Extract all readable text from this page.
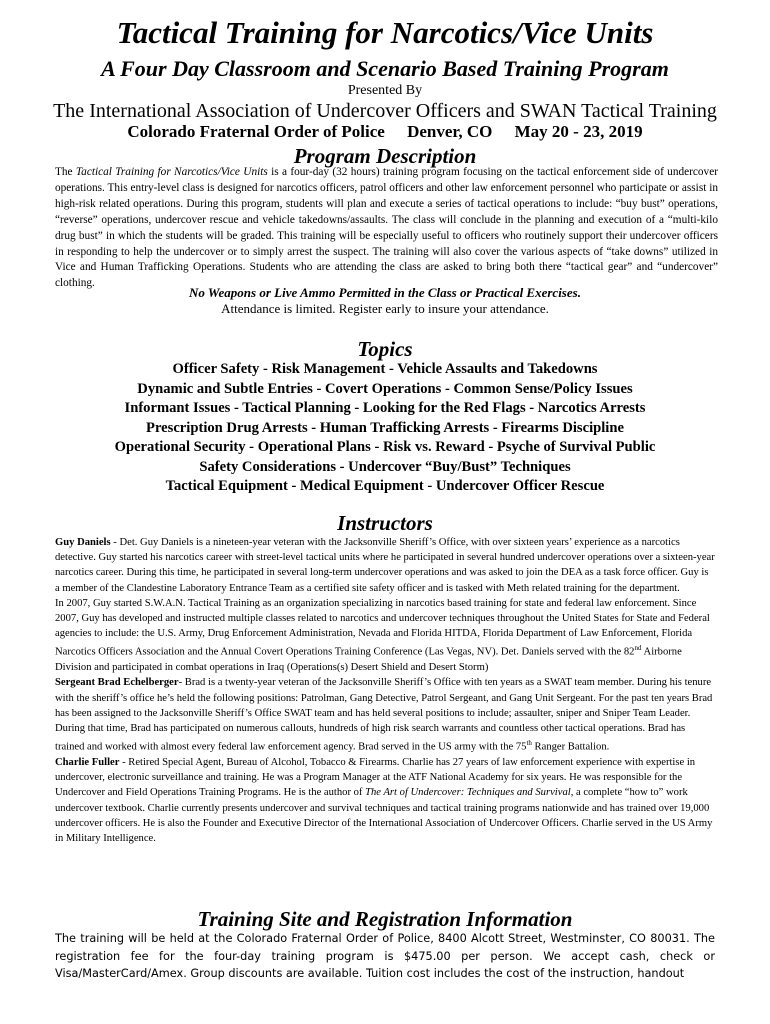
Tactical Training for Narcotics/Vice Units
A Four Day Classroom and Scenario Based Training Program
Presented By
The International Association of Undercover Officers and SWAN Tactical Training
Colorado Fraternal Order of Police Denver, CO May 20 - 23, 2019
Program Description
The Tactical Training for Narcotics/Vice Units is a four-day (32 hours) training program focusing on the tactical enforcement side of undercover operations. This entry-level class is designed for narcotics officers, patrol officers and other law enforcement personnel who participate or assist in high-risk related operations. During this program, students will plan and execute a series of tactical operations to include: “buy bust” operations, “reverse” operations, undercover rescue and vehicle takedowns/assaults. The class will conclude in the planning and execution of a “multi-kilo drug bust” in which the students will be graded. This training will be especially useful to officers who routinely support their undercover officers in responding to help the undercover or to simply arrest the suspect. The training will also cover the various aspects of “take downs” utilized in Vice and Human Trafficking Operations. Students who are attending the class are asked to bring both there “tactical gear” and “undercover” clothing.
No Weapons or Live Ammo Permitted in the Class or Practical Exercises.
Attendance is limited. Register early to insure your attendance.
Topics
Officer Safety - Risk Management - Vehicle Assaults and Takedowns
Dynamic and Subtle Entries - Covert Operations - Common Sense/Policy Issues
Informant Issues - Tactical Planning - Looking for the Red Flags - Narcotics Arrests
Prescription Drug Arrests - Human Trafficking Arrests - Firearms Discipline
Operational Security - Operational Plans - Risk vs. Reward - Psyche of Survival Public
Safety Considerations - Undercover “Buy/Bust” Techniques
Tactical Equipment - Medical Equipment - Undercover Officer Rescue
Instructors

Guy Daniels - Det. Guy Daniels is a nineteen-year veteran with the Jacksonville Sheriff’s Office, with over sixteen years’ experience as a narcotics detective. Guy started his narcotics career with street-level tactical units where he participated in several hundred undercover operations over a sixteen-year narcotics career. During this time, he participated in several long-term undercover operations and was asked to join the DEA as a task force officer. Guy is a member of the Clandestine Laboratory Entrance Team as a certified site safety officer and is tasked with Meth related training for the department.

In 2007, Guy started S.W.A.N. Tactical Training as an organization specializing in narcotics based training for state and federal law enforcement. Since 2007, Guy has developed and instructed multiple classes related to narcotics and undercover techniques throughout the United States for State and Federal agencies to include: the U.S. Army, Drug Enforcement Administration, Nevada and Florida HITDA, Florida Department of Law Enforcement, Florida Narcotics Officers Association and the Annual Covert Operations Training Conference (Las Vegas, NV). Det. Daniels served with the 82nd Airborne Division and participated in combat operations in Iraq (Operations(s) Desert Shield and Desert Storm)

Sergeant Brad Echelberger- Brad is a twenty-year veteran of the Jacksonville Sheriff’s Office with ten years as a SWAT team member. During his tenure with the sheriff’s office he’s held the following positions: Patrolman, Gang Detective, Patrol Sergeant, and Gang Unit Sergeant. For the past ten years Brad has been assigned to the Jacksonville Sheriff’s Office SWAT team and has held several positions to include; assaulter, sniper and Sniper Team Leader. During that time, Brad has participated on numerous callouts, hundreds of high risk search warrants and countless other tactical operations. Brad has trained and worked with almost every federal law enforcement agency. Brad served in the US army with the 75th Ranger Battalion.

Charlie Fuller - Retired Special Agent, Bureau of Alcohol, Tobacco & Firearms. Charlie has 27 years of law enforcement experience with expertise in undercover, electronic surveillance and training. He was a Program Manager at the ATF National Academy for six years. He was responsible for the Undercover and Field Operations Training Programs. He is the author of The Art of Undercover: Techniques and Survival, a complete “how to” work undercover textbook. Charlie currently presents undercover and survival techniques and tactical training programs nationwide and has trained over 19,000 undercover officers. He is also the Founder and Executive Director of the International Association of Undercover Officers. Charlie served in the US Army in Military Intelligence.

Training Site and Registration Information
The training will be held at the Colorado Fraternal Order of Police, 8400 Alcott Street, Westminster, CO 80031. The registration fee for the four-day training program is $475.00 per person. We accept cash, check or Visa/MasterCard/Amex. Group discounts are available. Tuition cost includes the cost of the instruction, handout
